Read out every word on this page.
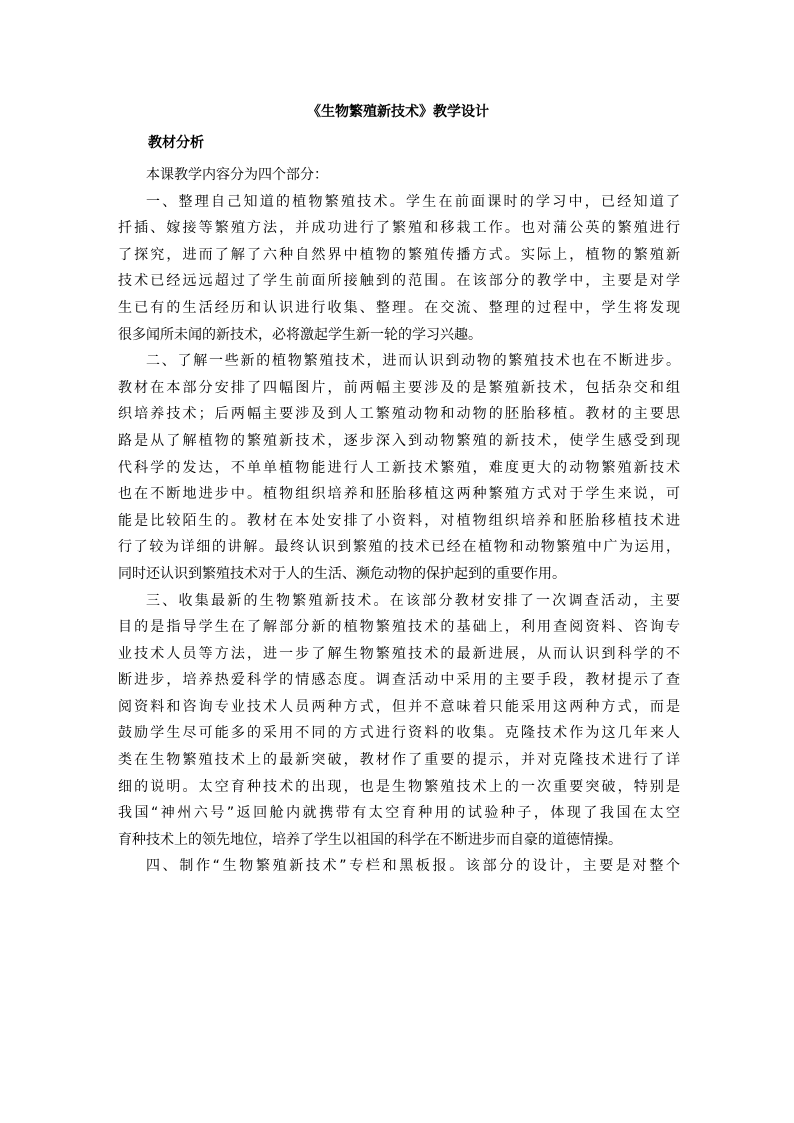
《生物繁殖新技术》教学设计
教材分析
本课教学内容分为四个部分：
一、整理自己知道的植物繁殖技术。学生在前面课时的学习中，已经知道了
扦插、嫁接等繁殖方法，并成功进行了繁殖和移栽工作。也对蒲公英的繁殖进行
了探究，进而了解了六种自然界中植物的繁殖传播方式。实际上，植物的繁殖新
技术已经远远超过了学生前面所接触到的范围。在该部分的教学中，主要是对学
生已有的生活经历和认识进行收集、整理。在交流、整理的过程中，学生将发现
很多闻所未闻的新技术，必将激起学生新一轮的学习兴趣。
二、了解一些新的植物繁殖技术，进而认识到动物的繁殖技术也在不断进步。
教材在本部分安排了四幅图片，前两幅主要涉及的是繁殖新技术，包括杂交和组
织培养技术；后两幅主要涉及到人工繁殖动物和动物的胚胎移植。教材的主要思
路是从了解植物的繁殖新技术，逐步深入到动物繁殖的新技术，使学生感受到现
代科学的发达，不单单植物能进行人工新技术繁殖，难度更大的动物繁殖新技术
也在不断地进步中。植物组织培养和胚胎移植这两种繁殖方式对于学生来说，可
能是比较陌生的。教材在本处安排了小资料，对植物组织培养和胚胎移植技术进
行了较为详细的讲解。最终认识到繁殖的技术已经在植物和动物繁殖中广为运用，
同时还认识到繁殖技术对于人的生活、濒危动物的保护起到的重要作用。
三、收集最新的生物繁殖新技术。在该部分教材安排了一次调查活动，主要
目的是指导学生在了解部分新的植物繁殖技术的基础上，利用查阅资料、咨询专
业技术人员等方法，进一步了解生物繁殖技术的最新进展，从而认识到科学的不
断进步，培养热爱科学的情感态度。调查活动中采用的主要手段，教材提示了查
阅资料和咨询专业技术人员两种方式，但并不意味着只能采用这两种方式，而是
鼓励学生尽可能多的采用不同的方式进行资料的收集。克隆技术作为这几年来人
类在生物繁殖技术上的最新突破，教材作了重要的提示，并对克隆技术进行了详
细的说明。太空育种技术的出现，也是生物繁殖技术上的一次重要突破，特别是
我国“神州六号”返回舱内就携带有太空育种用的试验种子，体现了我国在太空
育种技术上的领先地位，培养了学生以祖国的科学在不断进步而自豪的道德情操。
四、制作“生物繁殖新技术”专栏和黑板报。该部分的设计，主要是对整个
